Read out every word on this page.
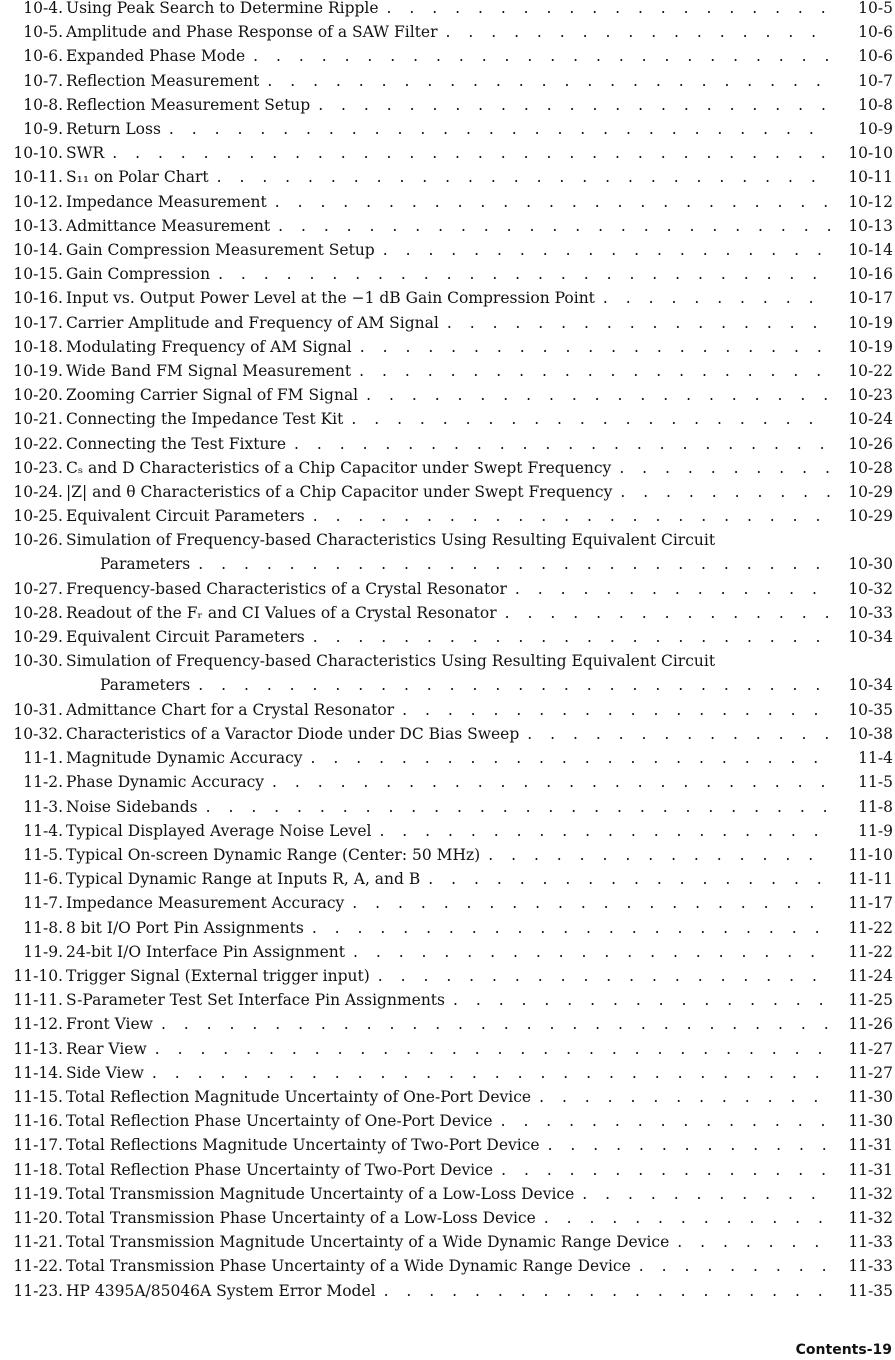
10-4. Using Peak Search to Determine Ripple . . .	10-5
10-5. Amplitude and Phase Response of a SAW Filter . . .	10-6
10-6. Expanded Phase Mode . . .	10-6
10-7. Reflection Measurement . . .	10-7
10-8. Reflection Measurement Setup . . .	10-8
10-9. Return Loss . . .	10-9
10-10. SWR . . .	10-10
10-11. S₁₁ on Polar Chart . . .	10-11
10-12. Impedance Measurement . . .	10-12
10-13. Admittance Measurement . . .	10-13
10-14. Gain Compression Measurement Setup . . .	10-14
10-15. Gain Compression . . .	10-16
10-16. Input vs. Output Power Level at the −1 dB Gain Compression Point . . .	10-17
10-17. Carrier Amplitude and Frequency of AM Signal . . .	10-19
10-18. Modulating Frequency of AM Signal . . .	10-19
10-19. Wide Band FM Signal Measurement . . .	10-22
10-20. Zooming Carrier Signal of FM Signal . . .	10-23
10-21. Connecting the Impedance Test Kit . . .	10-24
10-22. Connecting the Test Fixture . . .	10-26
10-23. Cₛ and D Characteristics of a Chip Capacitor under Swept Frequency . . .	10-28
10-24. |Z| and θ Characteristics of a Chip Capacitor under Swept Frequency . . .	10-29
10-25. Equivalent Circuit Parameters . . .	10-29
10-26. Simulation of Frequency-based Characteristics Using Resulting Equivalent Circuit
Parameters . . .	10-30
10-27. Frequency-based Characteristics of a Crystal Resonator . . .	10-32
10-28. Readout of the Fᵣ and CI Values of a Crystal Resonator . . .	10-33
10-29. Equivalent Circuit Parameters . . .	10-34
10-30. Simulation of Frequency-based Characteristics Using Resulting Equivalent Circuit
Parameters . . .	10-34
10-31. Admittance Chart for a Crystal Resonator . . .	10-35
10-32. Characteristics of a Varactor Diode under DC Bias Sweep . . .	10-38
11-1. Magnitude Dynamic Accuracy . . .	11-4
11-2. Phase Dynamic Accuracy . . .	11-5
11-3. Noise Sidebands . . .	11-8
11-4. Typical Displayed Average Noise Level . . .	11-9
11-5. Typical On-screen Dynamic Range (Center: 50 MHz) . . .	11-10
11-6. Typical Dynamic Range at Inputs R, A, and B . . .	11-11
11-7. Impedance Measurement Accuracy . . .	11-17
11-8. 8 bit I/O Port Pin Assignments . . .	11-22
11-9. 24-bit I/O Interface Pin Assignment . . .	11-22
11-10. Trigger Signal (External trigger input) . . .	11-24
11-11. S-Parameter Test Set Interface Pin Assignments . . .	11-25
11-12. Front View . . .	11-26
11-13. Rear View . . .	11-27
11-14. Side View . . .	11-27
11-15. Total Reflection Magnitude Uncertainty of One-Port Device . . .	11-30
11-16. Total Reflection Phase Uncertainty of One-Port Device . . .	11-30
11-17. Total Reflections Magnitude Uncertainty of Two-Port Device . . .	11-31
11-18. Total Reflection Phase Uncertainty of Two-Port Device . . .	11-31
11-19. Total Transmission Magnitude Uncertainty of a Low-Loss Device . . .	11-32
11-20. Total Transmission Phase Uncertainty of a Low-Loss Device . . .	11-32
11-21. Total Transmission Magnitude Uncertainty of a Wide Dynamic Range Device . . .	11-33
11-22. Total Transmission Phase Uncertainty of a Wide Dynamic Range Device . . .	11-33
11-23. HP 4395A/85046A System Error Model . . .	11-35
Contents-19
